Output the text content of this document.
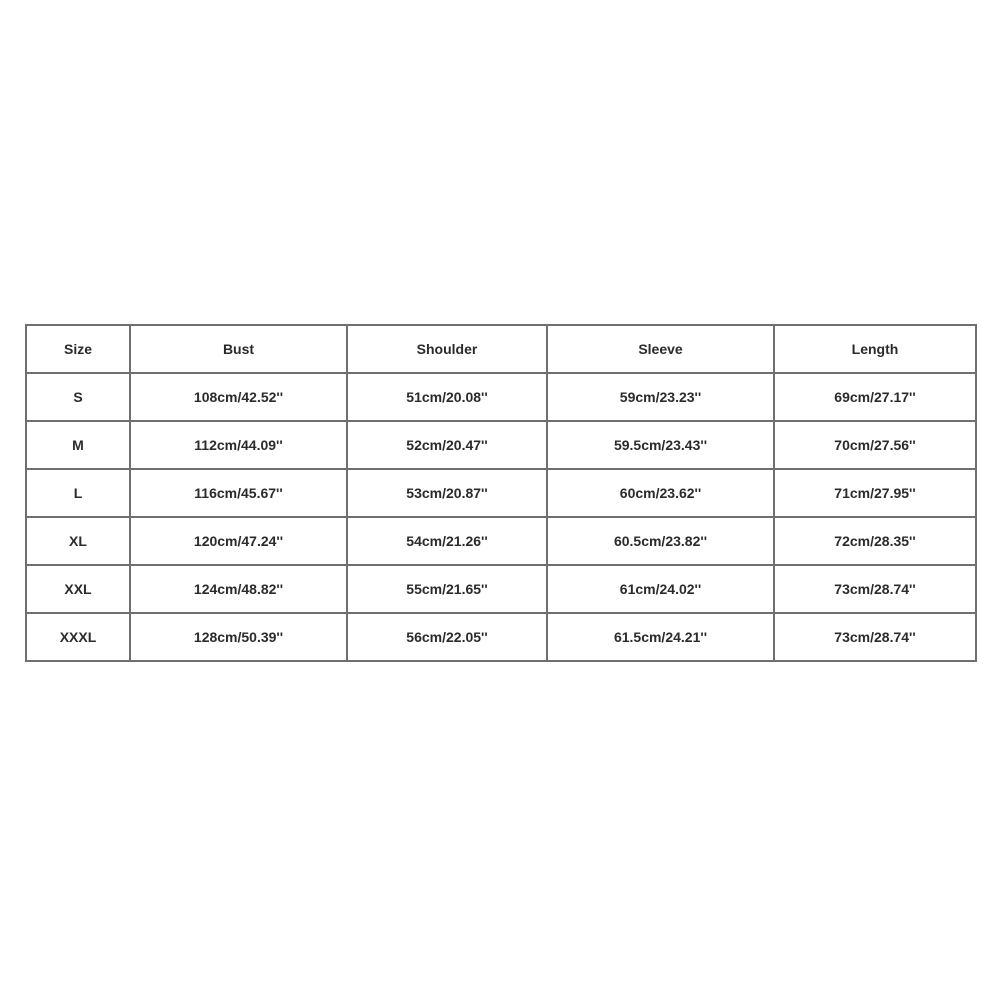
Size	Bust	Shoulder	Sleeve	Length
S	108cm/42.52''	51cm/20.08''	59cm/23.23''	69cm/27.17''
M	112cm/44.09''	52cm/20.47''	59.5cm/23.43''	70cm/27.56''
L	116cm/45.67''	53cm/20.87''	60cm/23.62''	71cm/27.95''
XL	120cm/47.24''	54cm/21.26''	60.5cm/23.82''	72cm/28.35''
XXL	124cm/48.82''	55cm/21.65''	61cm/24.02''	73cm/28.74''
XXXL	128cm/50.39''	56cm/22.05''	61.5cm/24.21''	73cm/28.74''
